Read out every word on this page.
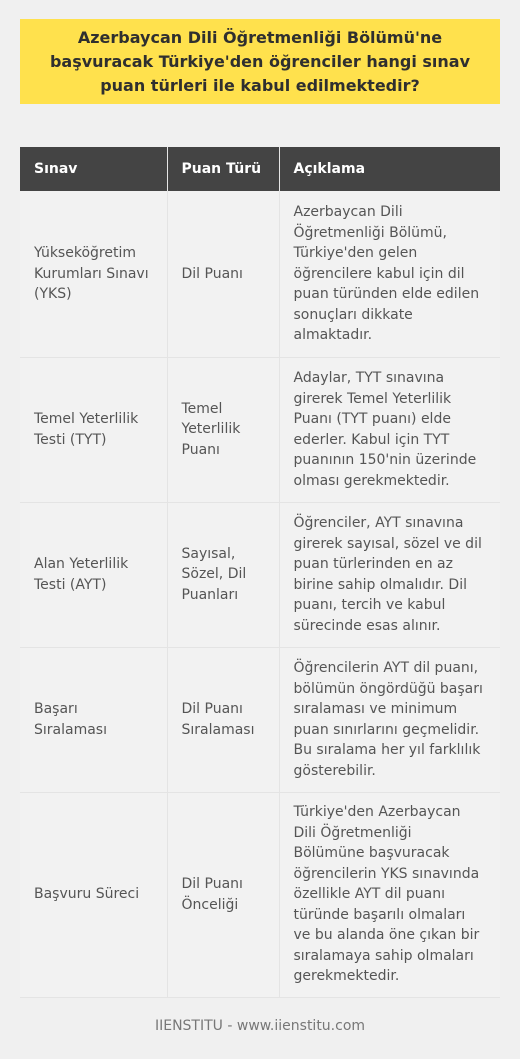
Azerbaycan Dili Öğretmenliği Bölümü'ne başvuracak Türkiye'den öğrenciler hangi sınav puan türleri ile kabul edilmektedir?
Sınav	Puan Türü	Açıklama
Yükseköğretim Kurumları Sınavı (YKS)	Dil Puanı	Azerbaycan Dili Öğretmenliği Bölümü, Türkiye'den gelen öğrencilere kabul için dil puan türünden elde edilen sonuçları dikkate almaktadır.
Temel Yeterlilik Testi (TYT)	Temel Yeterlilik Puanı	Adaylar, TYT sınavına girerek Temel Yeterlilik Puanı (TYT puanı) elde ederler. Kabul için TYT puanının 150'nin üzerinde olması gerekmektedir.
Alan Yeterlilik Testi (AYT)	Sayısal, Sözel, Dil Puanları	Öğrenciler, AYT sınavına girerek sayısal, sözel ve dil puan türlerinden en az birine sahip olmalıdır. Dil puanı, tercih ve kabul sürecinde esas alınır.
Başarı Sıralaması	Dil Puanı Sıralaması	Öğrencilerin AYT dil puanı, bölümün öngördüğü başarı sıralaması ve minimum puan sınırlarını geçmelidir. Bu sıralama her yıl farklılık gösterebilir.
Başvuru Süreci	Dil Puanı Önceliği	Türkiye'den Azerbaycan Dili Öğretmenliği Bölümüne başvuracak öğrencilerin YKS sınavında özellikle AYT dil puanı türünde başarılı olmaları ve bu alanda öne çıkan bir sıralamaya sahip olmaları gerekmektedir.
IIENSTITU - www.iienstitu.com
